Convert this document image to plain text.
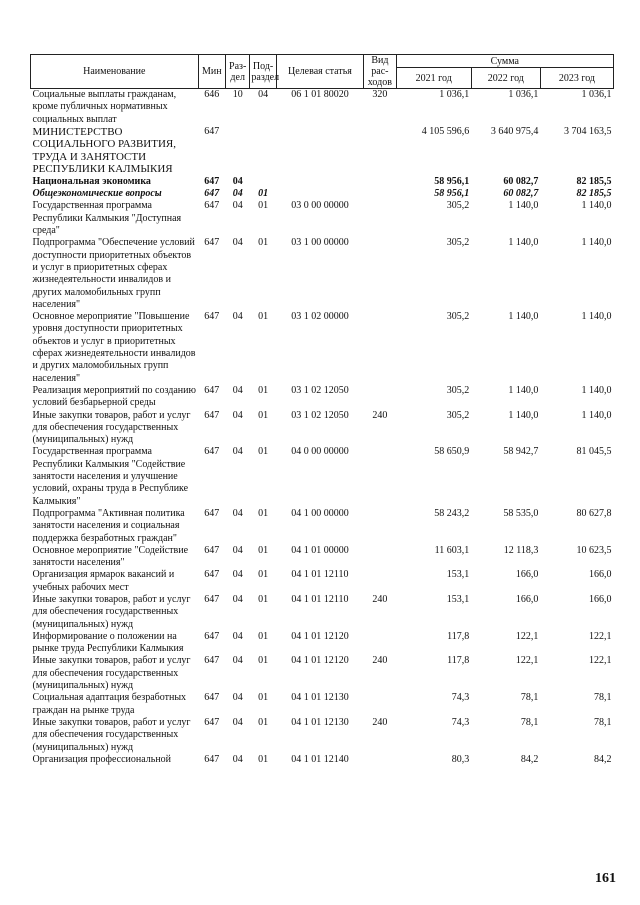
Наименование	Мин	Раз-дел	Под-раздел	Целевая статья	Вид рас-ходов	Сумма		
						2021 год	2022 год	2023 год
Социальные выплаты гражданам, кроме публичных нормативных социальных выплат	646	10	04	06 1 01 80020	320	1 036,1	1 036,1	1 036,1
МИНИСТЕРСТВО СОЦИАЛЬНОГО РАЗВИТИЯ, ТРУДА И ЗАНЯТОСТИ РЕСПУБЛИКИ КАЛМЫКИЯ	647					4 105 596,6	3 640 975,4	3 704 163,5
Национальная экономика	647	04				58 956,1	60 082,7	82 185,5
Общеэкономические вопросы	647	04	01			58 956,1	60 082,7	82 185,5
Государственная программа Республики Калмыкия "Доступная среда"	647	04	01	03 0 00 00000		305,2	1 140,0	1 140,0
Подпрограмма "Обеспечение условий доступности приоритетных объектов и услуг в приоритетных сферах жизнедеятельности инвалидов и других маломобильных групп населения"	647	04	01	03 1 00 00000		305,2	1 140,0	1 140,0
Основное мероприятие "Повышение уровня доступности приоритетных объектов и услуг в приоритетных сферах жизнедеятельности инвалидов и других маломобильных групп населения"	647	04	01	03 1 02 00000		305,2	1 140,0	1 140,0
Реализация мероприятий по созданию условий безбарьерной среды	647	04	01	03 1 02 12050		305,2	1 140,0	1 140,0
Иные закупки товаров, работ и услуг для обеспечения государственных (муниципальных) нужд	647	04	01	03 1 02 12050	240	305,2	1 140,0	1 140,0
Государственная программа Республики Калмыкия "Содействие занятости населения и улучшение условий, охраны труда в Республике Калмыкия"	647	04	01	04 0 00 00000		58 650,9	58 942,7	81 045,5
Подпрограмма "Активная политика занятости населения и социальная поддержка безработных граждан"	647	04	01	04 1 00 00000		58 243,2	58 535,0	80 627,8
Основное мероприятие "Содействие занятости населения"	647	04	01	04 1 01 00000		11 603,1	12 118,3	10 623,5
Организация ярмарок вакансий и учебных рабочих мест	647	04	01	04 1 01 12110		153,1	166,0	166,0
Иные закупки товаров, работ и услуг для обеспечения государственных (муниципальных) нужд	647	04	01	04 1 01 12110	240	153,1	166,0	166,0
Информирование о положении на рынке труда Республики Калмыкия	647	04	01	04 1 01 12120		117,8	122,1	122,1
Иные закупки товаров, работ и услуг для обеспечения государственных (муниципальных) нужд	647	04	01	04 1 01 12120	240	117,8	122,1	122,1
Социальная адаптация безработных граждан на рынке труда	647	04	01	04 1 01 12130		74,3	78,1	78,1
Иные закупки товаров, работ и услуг для обеспечения государственных (муниципальных) нужд	647	04	01	04 1 01 12130	240	74,3	78,1	78,1
Организация профессиональной	647	04	01	04 1 01 12140		80,3	84,2	84,2
161
